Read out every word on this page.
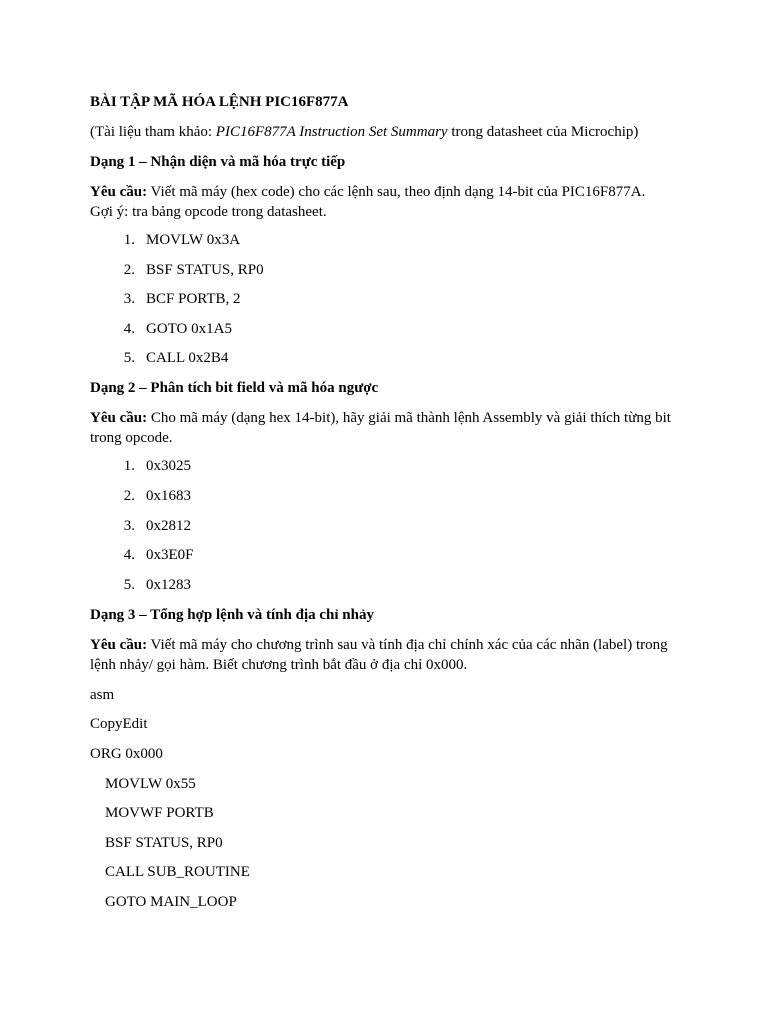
BÀI TẬP MÃ HÓA LỆNH PIC16F877A

(Tài liệu tham khảo: PIC16F877A Instruction Set Summary trong datasheet của Microchip)

Dạng 1 – Nhận diện và mã hóa trực tiếp

Yêu cầu: Viết mã máy (hex code) cho các lệnh sau, theo định dạng 14-bit của PIC16F877A.
Gợi ý: tra bảng opcode trong datasheet.

1. MOVLW 0x3A
2. BSF STATUS, RP0
3. BCF PORTB, 2
4. GOTO 0x1A5
5. CALL 0x2B4

Dạng 2 – Phân tích bit field và mã hóa ngược

Yêu cầu: Cho mã máy (dạng hex 14-bit), hãy giải mã thành lệnh Assembly và giải thích từng bit trong opcode.

1. 0x3025
2. 0x1683
3. 0x2812
4. 0x3E0F
5. 0x1283

Dạng 3 – Tổng hợp lệnh và tính địa chỉ nhảy

Yêu cầu: Viết mã máy cho chương trình sau và tính địa chỉ chính xác của các nhãn (label) trong lệnh nhảy/ gọi hàm. Biết chương trình bắt đầu ở địa chỉ 0x000.

asm
CopyEdit
ORG 0x000
MOVLW 0x55
MOVWF PORTB
BSF STATUS, RP0
CALL SUB_ROUTINE
GOTO MAIN_LOOP
